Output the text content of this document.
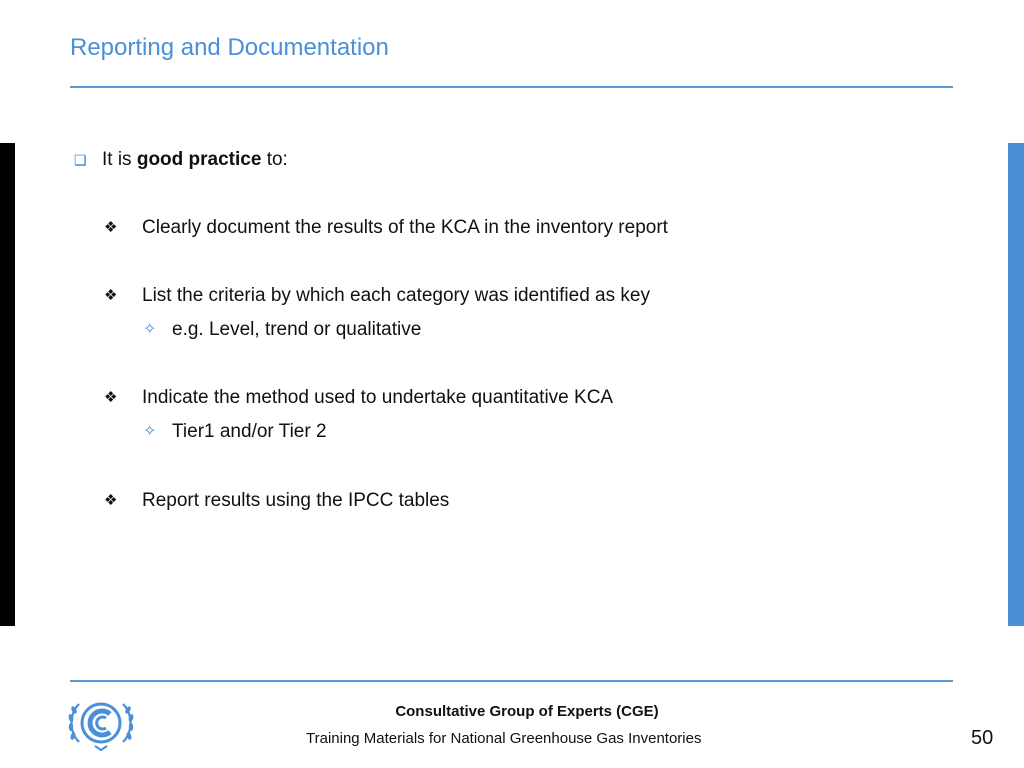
Reporting and Documentation
❑ It is good practice to:
❖ Clearly document the results of the KCA in the inventory report
❖ List the criteria by which each category was identified as key
✧ e.g. Level, trend or qualitative
❖ Indicate the method used to undertake quantitative KCA
✧ Tier1 and/or Tier 2
❖ Report results using the IPCC tables
Consultative Group of Experts (CGE)
Training Materials for National Greenhouse Gas Inventories	50
